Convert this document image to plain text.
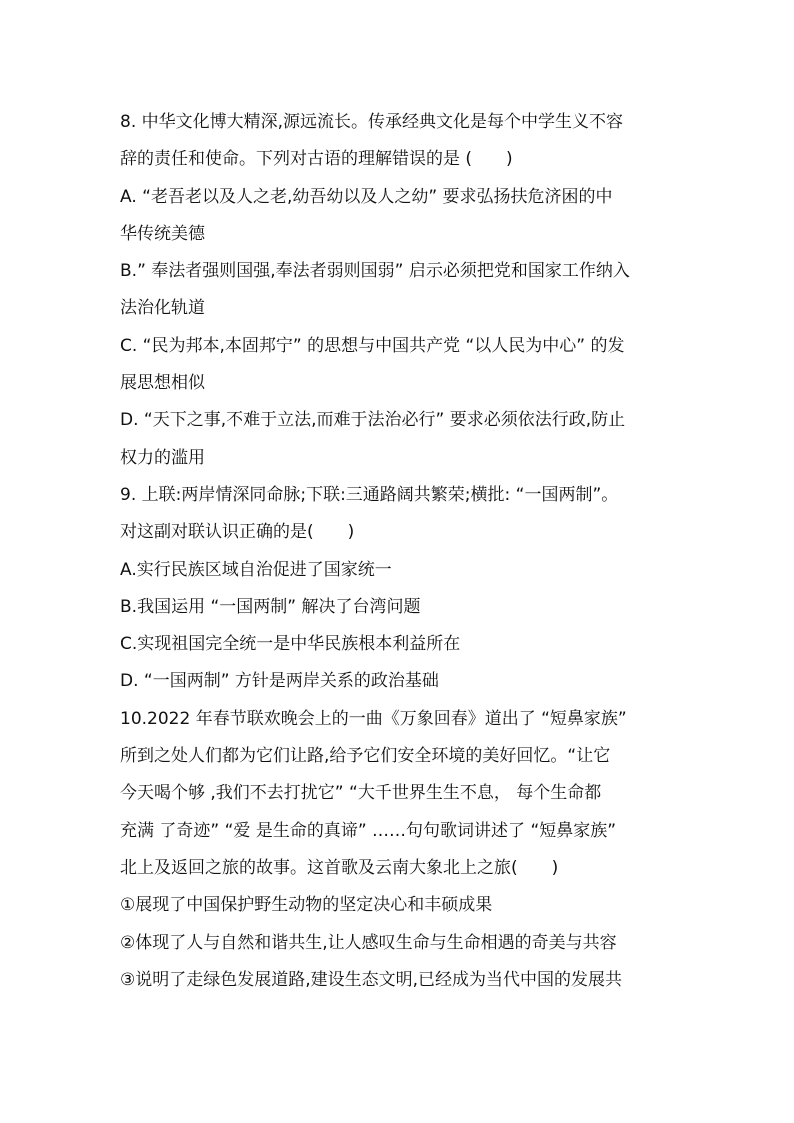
8. 中华文化博大精深,源远流长。传承经典文化是每个中学生义不容
辞的责任和使命。下列对古语的理解错误的是 (　　)
A. “老吾老以及人之老,幼吾幼以及人之幼” 要求弘扬扶危济困的中
华传统美德
B.” 奉法者强则国强,奉法者弱则国弱” 启示必须把党和国家工作纳入
法治化轨道
C. “民为邦本,本固邦宁” 的思想与中国共产党 “以人民为中心” 的发
展思想相似
D. “天下之事,不难于立法,而难于法治必行” 要求必须依法行政,防止
权力的滥用
9. 上联:两岸情深同命脉;下联:三通路阔共繁荣;横批: “一国两制”。
对这副对联认识正确的是(　　)
A.实行民族区域自治促进了国家统一
B.我国运用 “一国两制” 解决了台湾问题
C.实现祖国完全统一是中华民族根本利益所在
D. “一国两制” 方针是两岸关系的政治基础
10.2022 年春节联欢晚会上的一曲《万象回春》道出了 “短鼻家族”
所到之处人们都为它们让路,给予它们安全环境的美好回忆。“让它
今天喝个够 ,我们不去打扰它” “大千世界生生不息， 每个生命都
充满 了奇迹” “爱 是生命的真谛” ……句句歌词讲述了 “短鼻家族”
北上及返回之旅的故事。这首歌及云南大象北上之旅(　　)
①展现了中国保护野生动物的坚定决心和丰硕成果
②体现了人与自然和谐共生,让人感叹生命与生命相遇的奇美与共容
③说明了走绿色发展道路,建设生态文明,已经成为当代中国的发展共
